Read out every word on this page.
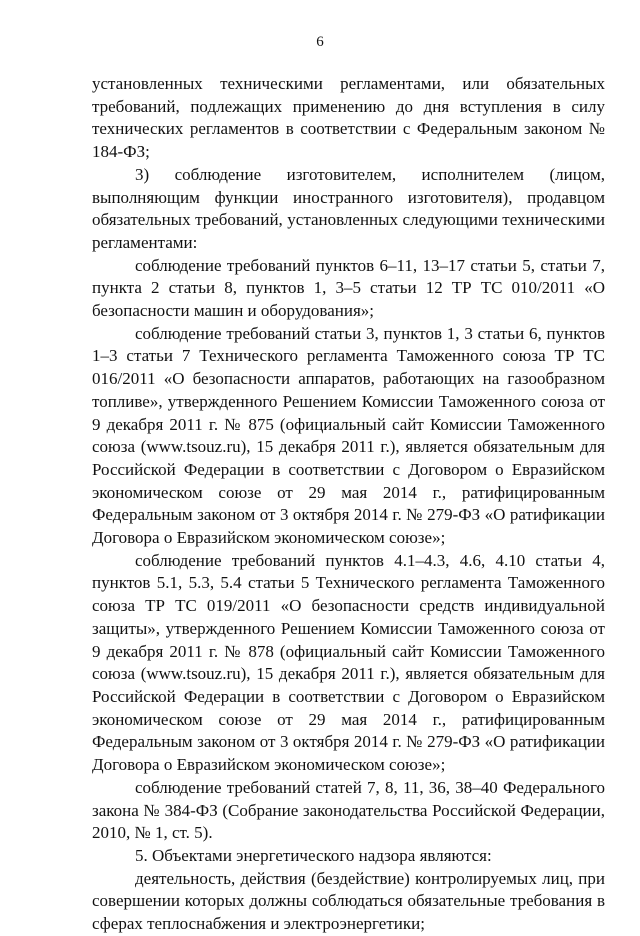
6

установленных техническими регламентами, или обязательных требований, подлежащих применению до дня вступления в силу технических регламентов в соответствии с Федеральным законом № 184-ФЗ;

3) соблюдение изготовителем, исполнителем (лицом, выполняющим функции иностранного изготовителя), продавцом обязательных требований, установленных следующими техническими регламентами:

соблюдение требований пунктов 6–11, 13–17 статьи 5, статьи 7, пункта 2 статьи 8, пунктов 1, 3–5 статьи 12 ТР ТС 010/2011 «О безопасности машин и оборудования»;

соблюдение требований статьи 3, пунктов 1, 3 статьи 6, пунктов 1–3 статьи 7 Технического регламента Таможенного союза ТР ТС 016/2011 «О безопасности аппаратов, работающих на газообразном топливе», утвержденного Решением Комиссии Таможенного союза от 9 декабря 2011 г. № 875 (официальный сайт Комиссии Таможенного союза (www.tsouz.ru), 15 декабря 2011 г.), является обязательным для Российской Федерации в соответствии с Договором о Евразийском экономическом союзе от 29 мая 2014 г., ратифицированным Федеральным законом от 3 октября 2014 г. № 279-ФЗ «О ратификации Договора о Евразийском экономическом союзе»;

соблюдение требований пунктов 4.1–4.3, 4.6, 4.10 статьи 4, пунктов 5.1, 5.3, 5.4 статьи 5 Технического регламента Таможенного союза ТР ТС 019/2011 «О безопасности средств индивидуальной защиты», утвержденного Решением Комиссии Таможенного союза от 9 декабря 2011 г. № 878 (официальный сайт Комиссии Таможенного союза (www.tsouz.ru), 15 декабря 2011 г.), является обязательным для Российской Федерации в соответствии с Договором о Евразийском экономическом союзе от 29 мая 2014 г., ратифицированным Федеральным законом от 3 октября 2014 г. № 279-ФЗ «О ратификации Договора о Евразийском экономическом союзе»;

соблюдение требований статей 7, 8, 11, 36, 38–40 Федерального закона № 384-ФЗ (Собрание законодательства Российской Федерации, 2010, № 1, ст. 5).

5. Объектами энергетического надзора являются:

деятельность, действия (бездействие) контролируемых лиц, при совершении которых должны соблюдаться обязательные требования в сферах теплоснабжения и электроэнергетики;
